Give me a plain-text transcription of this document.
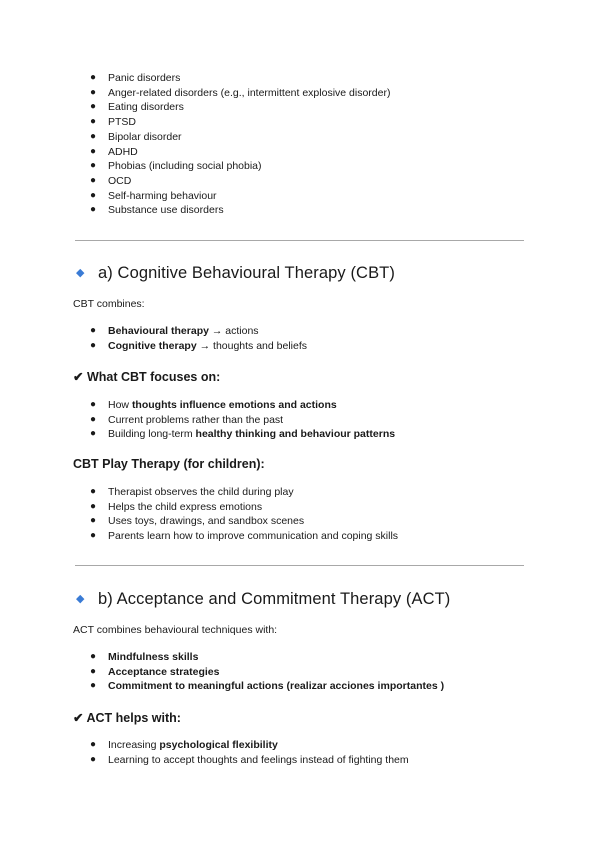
● Panic disorders
● Anger-related disorders (e.g., intermittent explosive disorder)
● Eating disorders
● PTSD
● Bipolar disorder
● ADHD
● Phobias (including social phobia)
● OCD
● Self-harming behaviour
● Substance use disorders
◆ a) Cognitive Behavioural Therapy (CBT)
CBT combines:
● Behavioural therapy → actions
● Cognitive therapy → thoughts and beliefs
✔ What CBT focuses on:
● How thoughts influence emotions and actions
● Current problems rather than the past
● Building long-term healthy thinking and behaviour patterns
CBT Play Therapy (for children):
● Therapist observes the child during play
● Helps the child express emotions
● Uses toys, drawings, and sandbox scenes
● Parents learn how to improve communication and coping skills
◆ b) Acceptance and Commitment Therapy (ACT)
ACT combines behavioural techniques with:
● Mindfulness skills
● Acceptance strategies
● Commitment to meaningful actions (realizar acciones importantes )
✔ ACT helps with:
● Increasing psychological flexibility
● Learning to accept thoughts and feelings instead of fighting them
